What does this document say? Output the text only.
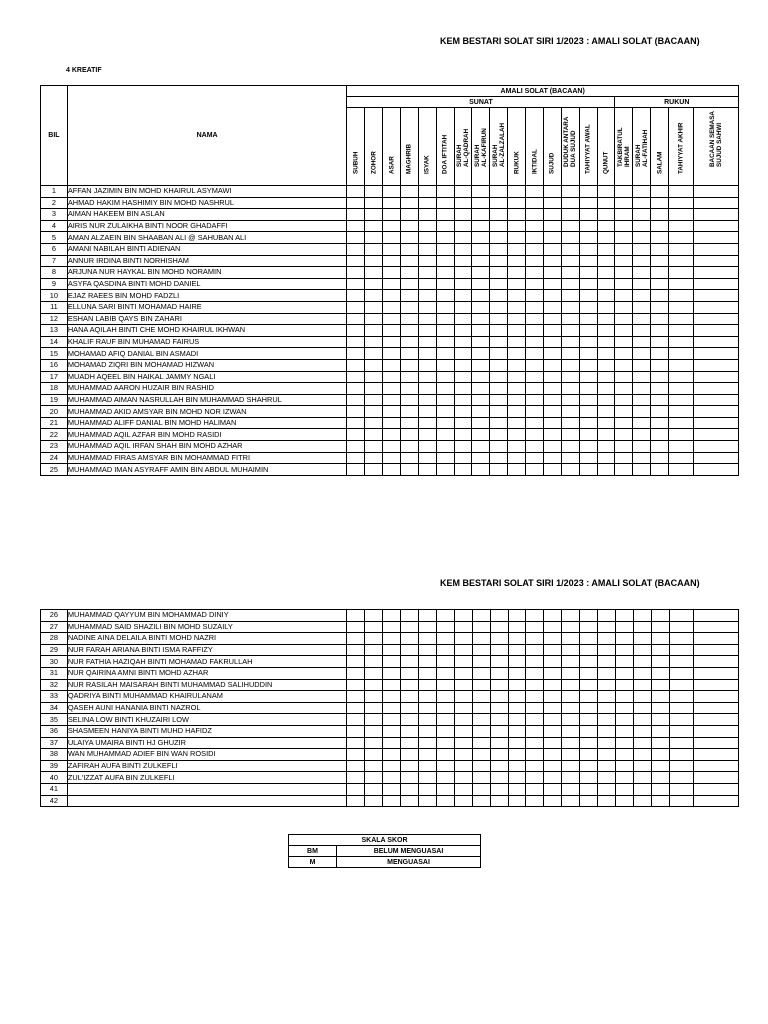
KEM BESTARI SOLAT SIRI 1/2023 : AMALI SOLAT (BACAAN)
4 KREATIF
BIL	NAMA	AMALI SOLAT (BACAAN)																			
		SUNAT															RUKUN				

		SUBUH	ZOHOR	ASAR	MAGHRIB	ISYAK	DOA IFTITAH	SURAH
AL-QADRAH	SURAH
AL-KAFIRUN	SURAH
AL-ZALZALAH	RUKUK	IKTIDAL	SUJUD	DUDUK ANTARA
DUA SUJUD	TAHIYYAT AWAL	QUNUT	TAKBIRATUL
IHRAM	SURAH
AL-FATIHAH	SALAM	TAHIYYAT AKHIR	BACAAN SEMASA
SUJUD SAHWI

1	AFFAN JAZIMIN BIN MOHD KHAIRUL ASYMAWI																				
2	AHMAD HAKIM HASHIMIY BIN MOHD NASHRUL																				
3	AIMAN HAKEEM BIN ASLAN																				
4	AIRIS NUR ZULAIKHA BINTI NOOR GHADAFFI																				
5	AMAN ALZAEIN BIN SHAABAN ALI @ SAHUBAN ALI																				
6	AMANI NABILAH BINTI ADIENAN																				
7	ANNUR IRDINA BINTI NORHISHAM																				
8	ARJUNA NUR HAYKAL BIN MOHD NORAMIN																				
9	ASYFA QASDINA BINTI MOHD DANIEL																				
10	EJAZ RAEES BIN MOHD FADZLI																				
11	ELLUNA SARI BINTI MOHAMAD HAIRE																				
12	ESHAN LABIB QAYS BIN ZAHARI																				
13	HANA AQILAH BINTI CHE MOHD KHAIRUL IKHWAN																				
14	KHALIF RAUF BIN MUHAMAD FAIRUS																				
15	MOHAMAD AFIQ DANIAL BIN ASMADI																				
16	MOHAMAD ZIQRI BIN MOHAMAD HIZWAN																				
17	MUADH AQEEL BIN HAIKAL JAMMY NGALI																				
18	MUHAMMAD AARON HUZAIR BIN RASHID																				
19	MUHAMMAD AIMAN NASRULLAH BIN MUHAMMAD SHAHRUL																				
20	MUHAMMAD AKID AMSYAR BIN MOHD NOR IZWAN																				
21	MUHAMMAD ALIFF DANIAL BIN MOHD HALIMAN																				
22	MUHAMMAD AQIL AZFAR BIN MOHD RASIDI																				
23	MUHAMMAD AQIL IRFAN SHAH BIN MOHD AZHAR																				
24	MUHAMMAD FIRAS AMSYAR BIN MOHAMMAD FITRI																				
25	MUHAMMAD IMAN ASYRAFF AMIN BIN ABDUL MUHAIMIN																				
KEM BESTARI SOLAT SIRI 1/2023 : AMALI SOLAT (BACAAN)
26	MUHAMMAD QAYYUM BIN MOHAMMAD DINIY																				
27	MUHAMMAD SAID SHAZILI BIN MOHD SUZAILY																				
28	NADINE AINA DELAILA BINTI MOHD NAZRI																				
29	NUR FARAH ARIANA BINTI ISMA RAFFIZY																				
30	NUR FATHIA HAZIQAH BINTI MOHAMAD FAKRULLAH																				
31	NUR QAIRINA AMNI BINTI MOHD AZHAR																				
32	NUR RASILAH MAISARAH BINTI MUHAMMAD SALIHUDDIN																				
33	QADRIYA BINTI MUHAMMAD KHAIRULANAM																				
34	QASEH AUNI HANANIA BINTI NAZROL																				
35	SELINA LOW BINTI KHUZAIRI LOW																				
36	SHASMEEN HANIYA BINTI MUHD HAFIDZ																				
37	ULAIYA UMAIRA BINTI HJ GHUZIR																				
38	WAN MUHAMMAD ADIEF BIN WAN ROSIDI																				
39	ZAFIRAH AUFA BINTI ZULKEFLI																				
40	ZUL'IZZAT AUFA BIN ZULKEFLI																				
41																					
42																					
SKALA SKOR	
BM	BELUM MENGUASAI
M	MENGUASAI
